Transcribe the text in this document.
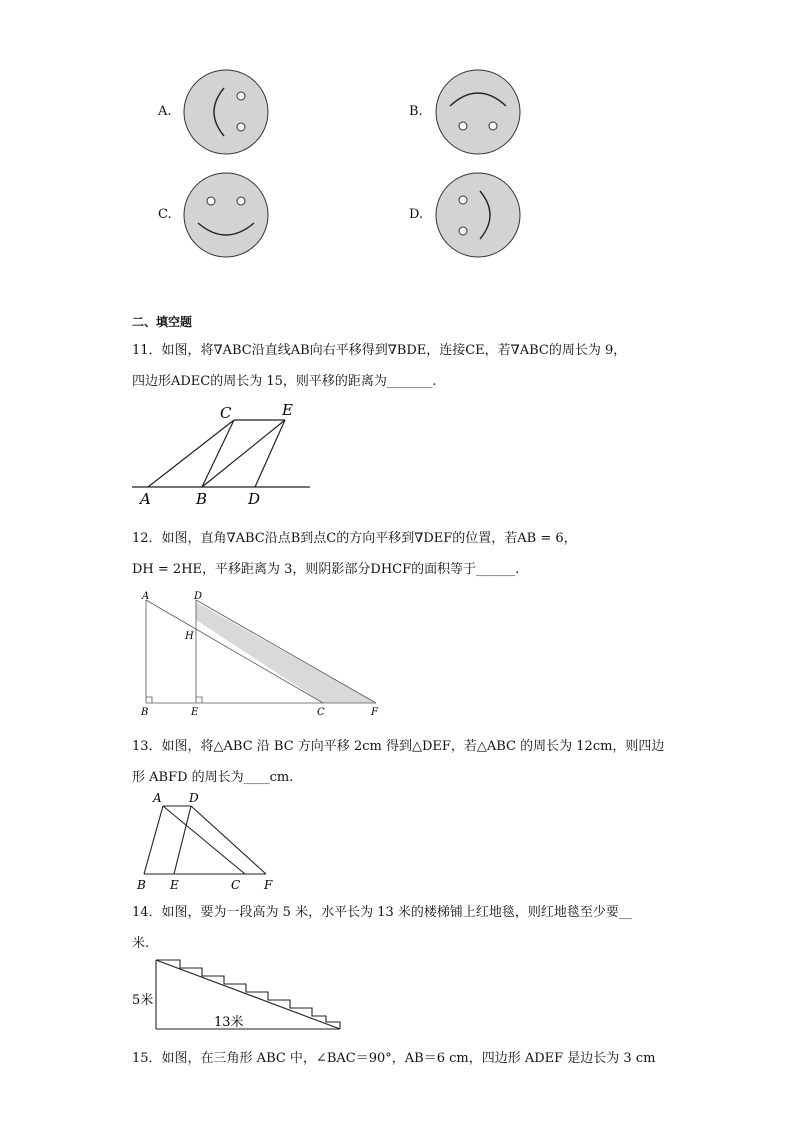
A.	B.
C.	D.
二、填空题
11．如图，将∇ABC沿直线AB向右平移得到∇BDE，连接CE，若∇ABC的周长为 9，
四边形ADEC的周长为 15，则平移的距离为_______.
C	E
A	B	D
12．如图，直角∇ABC沿点B到点C的方向平移到∇DEF的位置，若AB = 6，
DH = 2HE，平移距离为 3，则阴影部分DHCF的面积等于______.
A	D
H
B	E	C	F
13．如图，将△ABC 沿 BC 方向平移 2cm 得到△DEF，若△ABC 的周长为 12cm，则四边
形 ABFD 的周长为____cm.
A D
B E	C F
14．如图，要为一段高为 5 米，水平长为 13 米的楼梯铺上红地毯，则红地毯至少要__
米.
5米
13米
15．如图，在三角形 ABC 中，∠BAC＝90°，AB＝6 cm，四边形 ADEF 是边长为 3 cm
